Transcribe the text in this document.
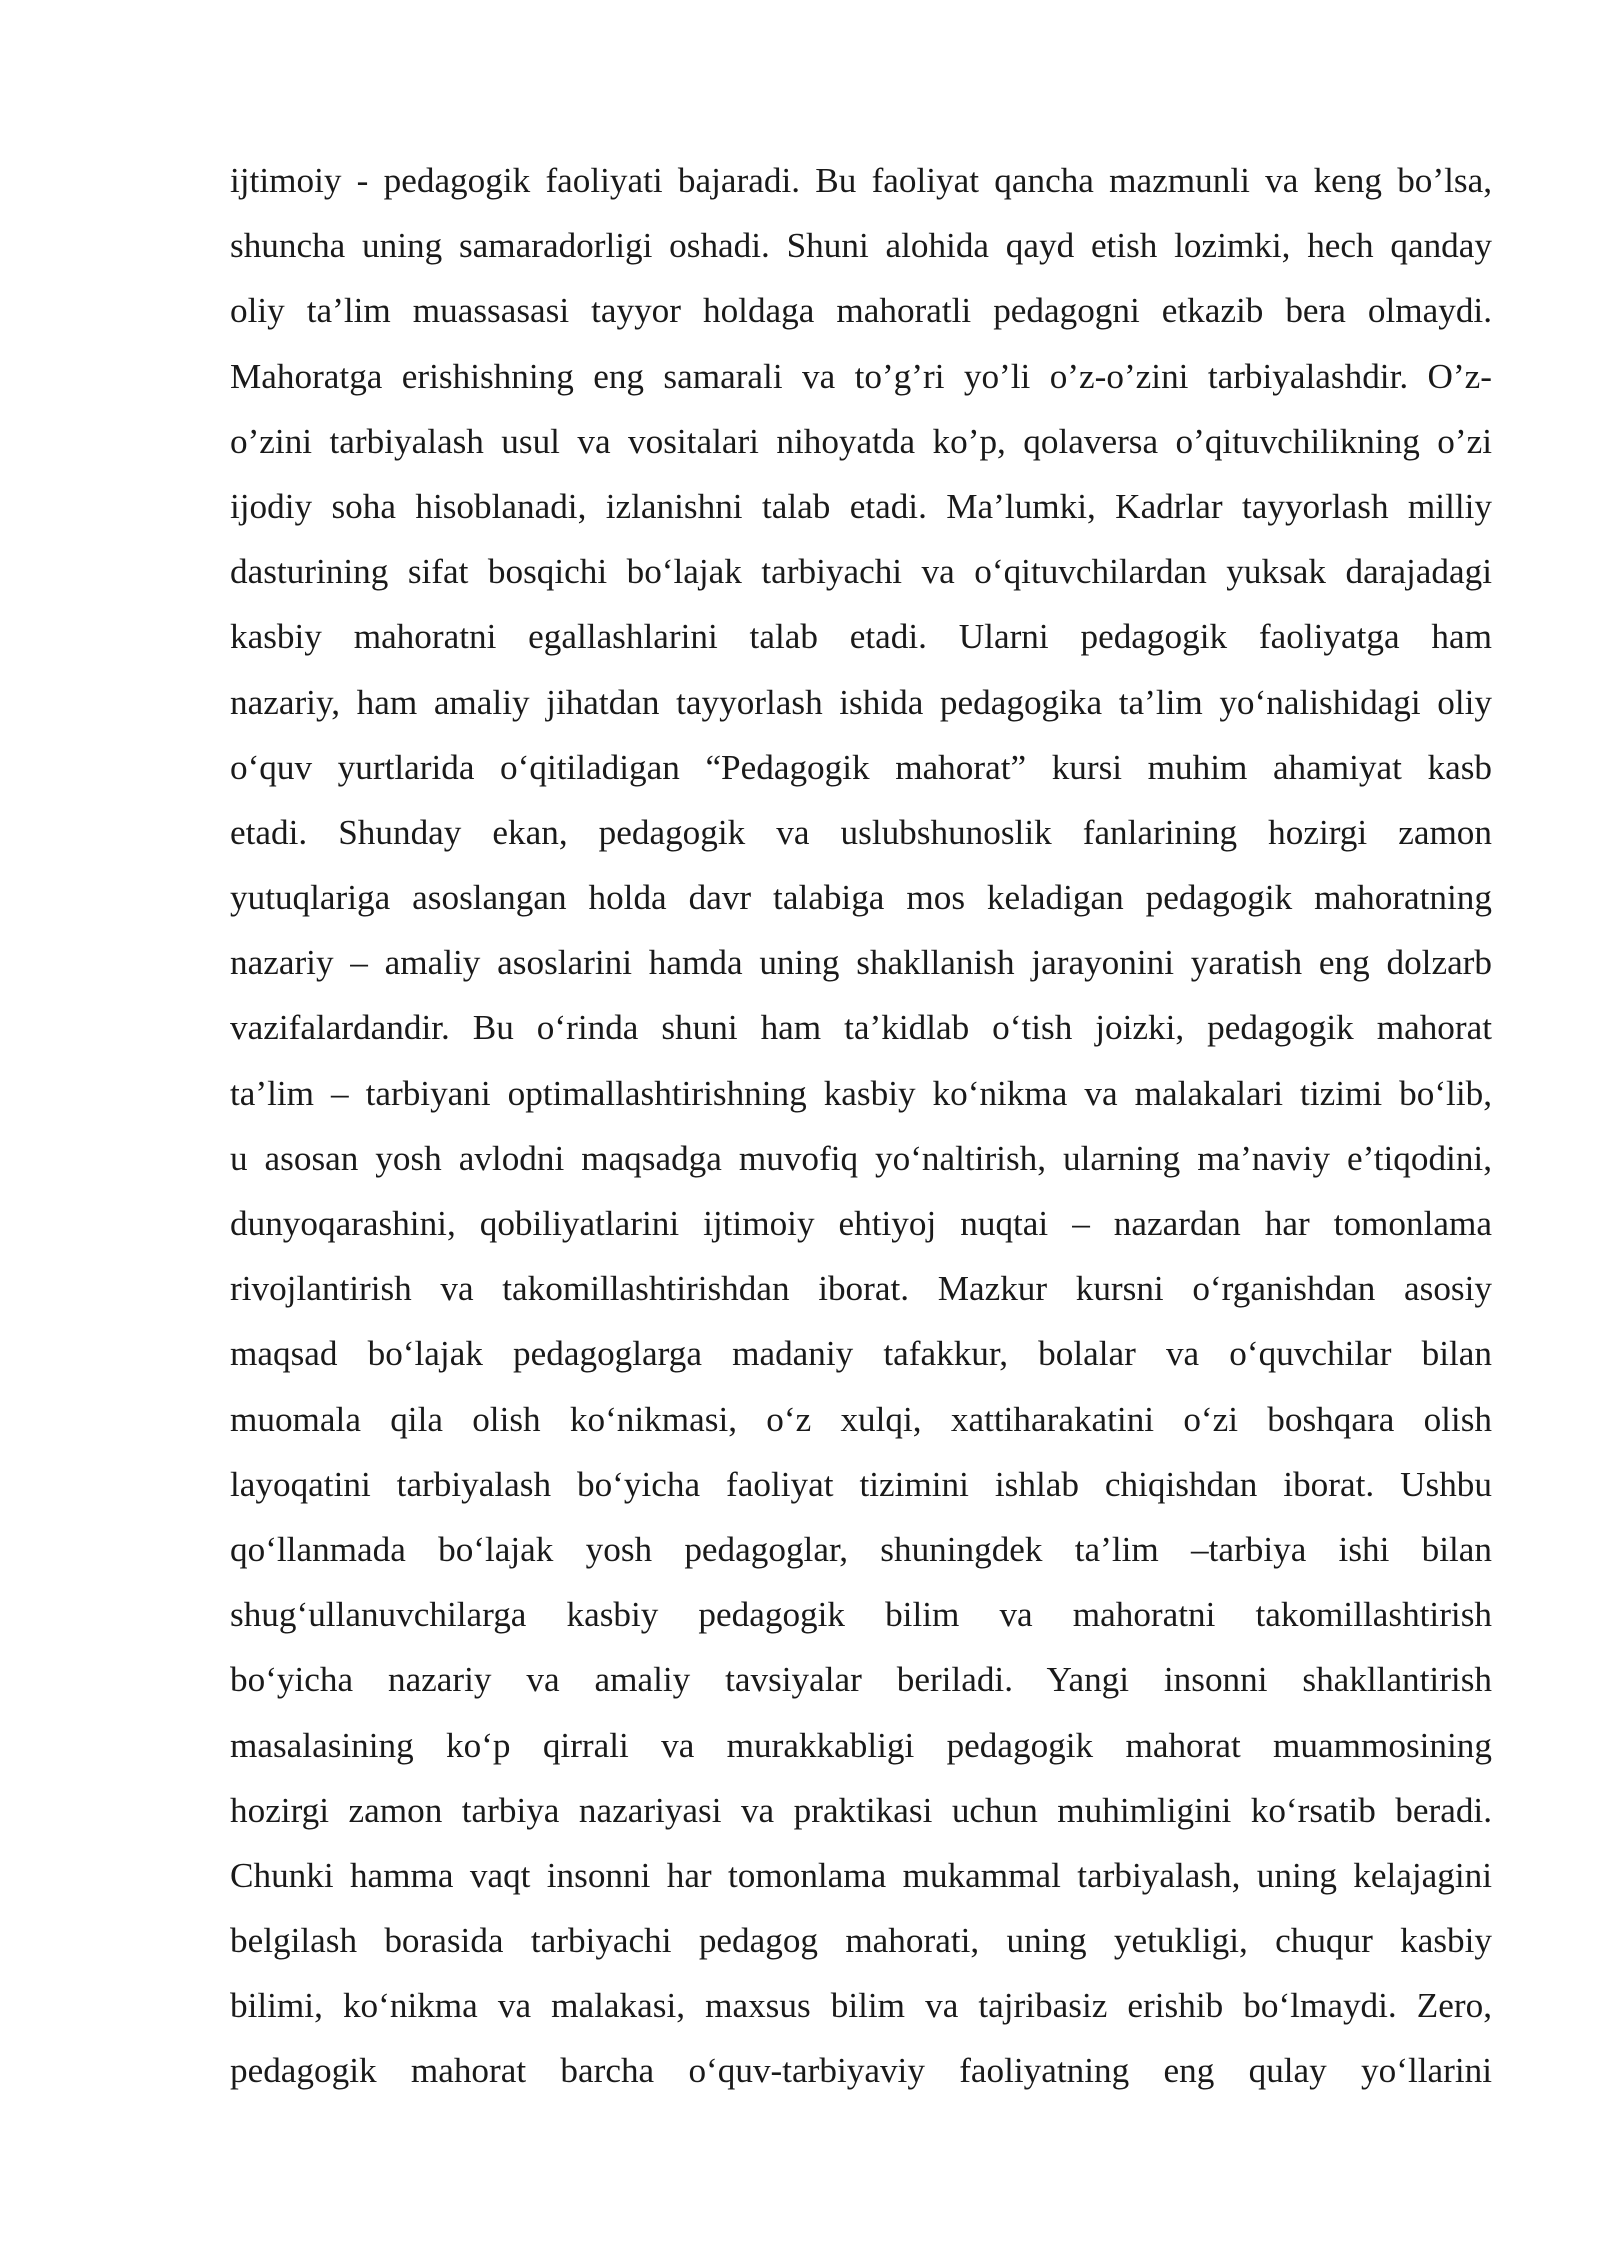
ijtimoiy - pedagogik faoliyati bajaradi. Bu faoliyat qancha mazmunli va keng bo’lsa,
shuncha uning samaradorligi oshadi. Shuni alohida qayd etish lozimki, hech qanday
oliy ta’lim muassasasi tayyor holdaga mahoratli pedagogni etkazib bera olmaydi.
Mahoratga erishishning eng samarali va to’g’ri yo’li o’z-o’zini tarbiyalashdir. O’z-
o’zini tarbiyalash usul va vositalari nihoyatda ko’p, qolaversa o’qituvchilikning o’zi
ijodiy soha hisoblanadi, izlanishni talab etadi. Ma’lumki, Kadrlar tayyorlash milliy
dasturining sifat bosqichi bo‘lajak tarbiyachi va o‘qituvchilardan yuksak darajadagi
kasbiy mahoratni egallashlarini talab etadi. Ularni pedagogik faoliyatga ham
nazariy, ham amaliy jihatdan tayyorlash ishida pedagogika ta’lim yo‘nalishidagi oliy
o‘quv yurtlarida o‘qitiladigan “Pedagogik mahorat” kursi muhim ahamiyat kasb
etadi. Shunday ekan, pedagogik va uslubshunoslik fanlarining hozirgi zamon
yutuqlariga asoslangan holda davr talabiga mos keladigan pedagogik mahoratning
nazariy – amaliy asoslarini hamda uning shakllanish jarayonini yaratish eng dolzarb
vazifalardandir. Bu o‘rinda shuni ham ta’kidlab o‘tish joizki, pedagogik mahorat
ta’lim – tarbiyani optimallashtirishning kasbiy ko‘nikma va malakalari tizimi bo‘lib,
u asosan yosh avlodni maqsadga muvofiq yo‘naltirish, ularning ma’naviy e’tiqodini,
dunyoqarashini, qobiliyatlarini ijtimoiy ehtiyoj nuqtai – nazardan har tomonlama
rivojlantirish va takomillashtirishdan iborat. Mazkur kursni o‘rganishdan asosiy
maqsad bo‘lajak pedagoglarga madaniy tafakkur, bolalar va o‘quvchilar bilan
muomala qila olish ko‘nikmasi, o‘z xulqi, xattiharakatini o‘zi boshqara olish
layoqatini tarbiyalash bo‘yicha faoliyat tizimini ishlab chiqishdan iborat. Ushbu
qo‘llanmada bo‘lajak yosh pedagoglar, shuningdek ta’lim –tarbiya ishi bilan
shug‘ullanuvchilarga kasbiy pedagogik bilim va mahoratni takomillashtirish
bo‘yicha nazariy va amaliy tavsiyalar beriladi. Yangi insonni shakllantirish
masalasining ko‘p qirrali va murakkabligi pedagogik mahorat muammosining
hozirgi zamon tarbiya nazariyasi va praktikasi uchun muhimligini ko‘rsatib beradi.
Chunki hamma vaqt insonni har tomonlama mukammal tarbiyalash, uning kelajagini
belgilash borasida tarbiyachi pedagog mahorati, uning yetukligi, chuqur kasbiy
bilimi, ko‘nikma va malakasi, maxsus bilim va tajribasiz erishib bo‘lmaydi. Zero,
pedagogik mahorat barcha o‘quv-tarbiyaviy faoliyatning eng qulay yo‘llarini
